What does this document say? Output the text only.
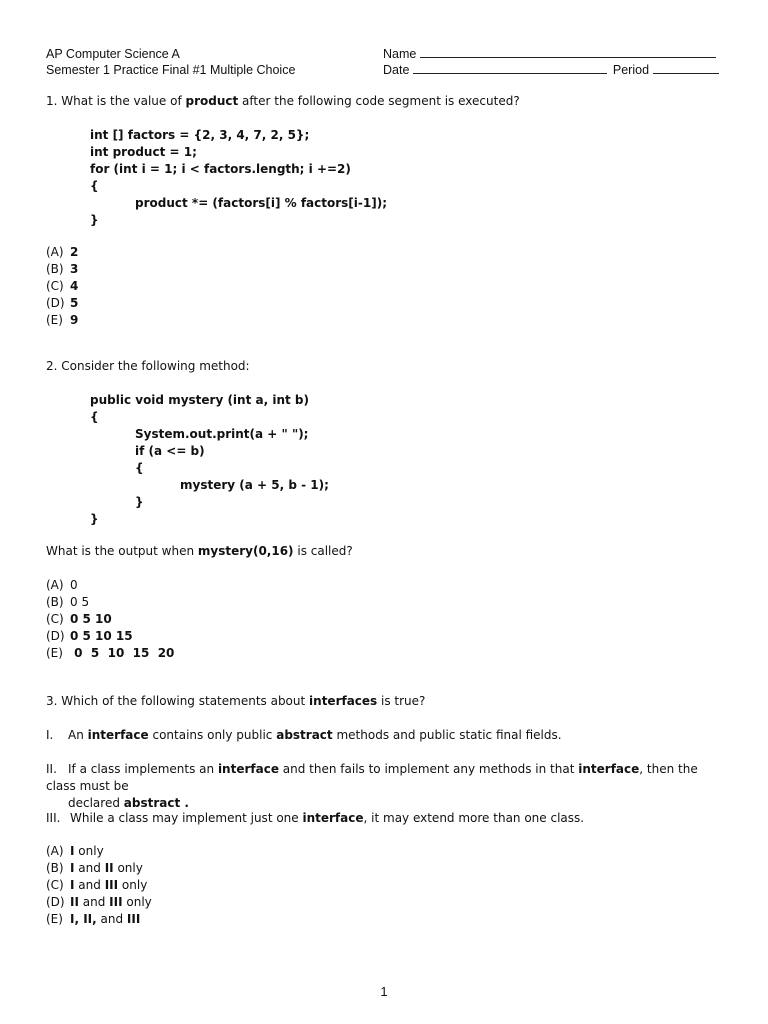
AP Computer Science A
Semester 1 Practice Final #1 Multiple Choice
Name
Date	Period
1. What is the value of product after the following code segment is executed?
int [] factors = {2, 3, 4, 7, 2, 5};
int product = 1;
for (int i = 1; i < factors.length; i +=2)
{
product *= (factors[i] % factors[i-1]);
}
(A) 2
(B) 3
(C) 4
(D) 5
(E) 9
2. Consider the following method:
public void mystery (int a, int b)
{
System.out.print(a + " ");
if (a <= b)
{
mystery (a + 5, b - 1);
}
}
What is the output when mystery(0,16) is called?
(A) 0
(B) 0 5
(C) 0 5 10
(D) 0 5 10 15
(E) 0  5  10  15  20
3. Which of the following statements about interfaces is true?
I. An interface contains only public abstract methods and public static final fields.
II. If a class implements an interface and then fails to implement any methods in that interface, then the class must be
declared abstract .
III. While a class may implement just one interface, it may extend more than one class.
(A) I only
(B) I and II only
(C) I and III only
(D) II and III only
(E) I, II, and III
1
